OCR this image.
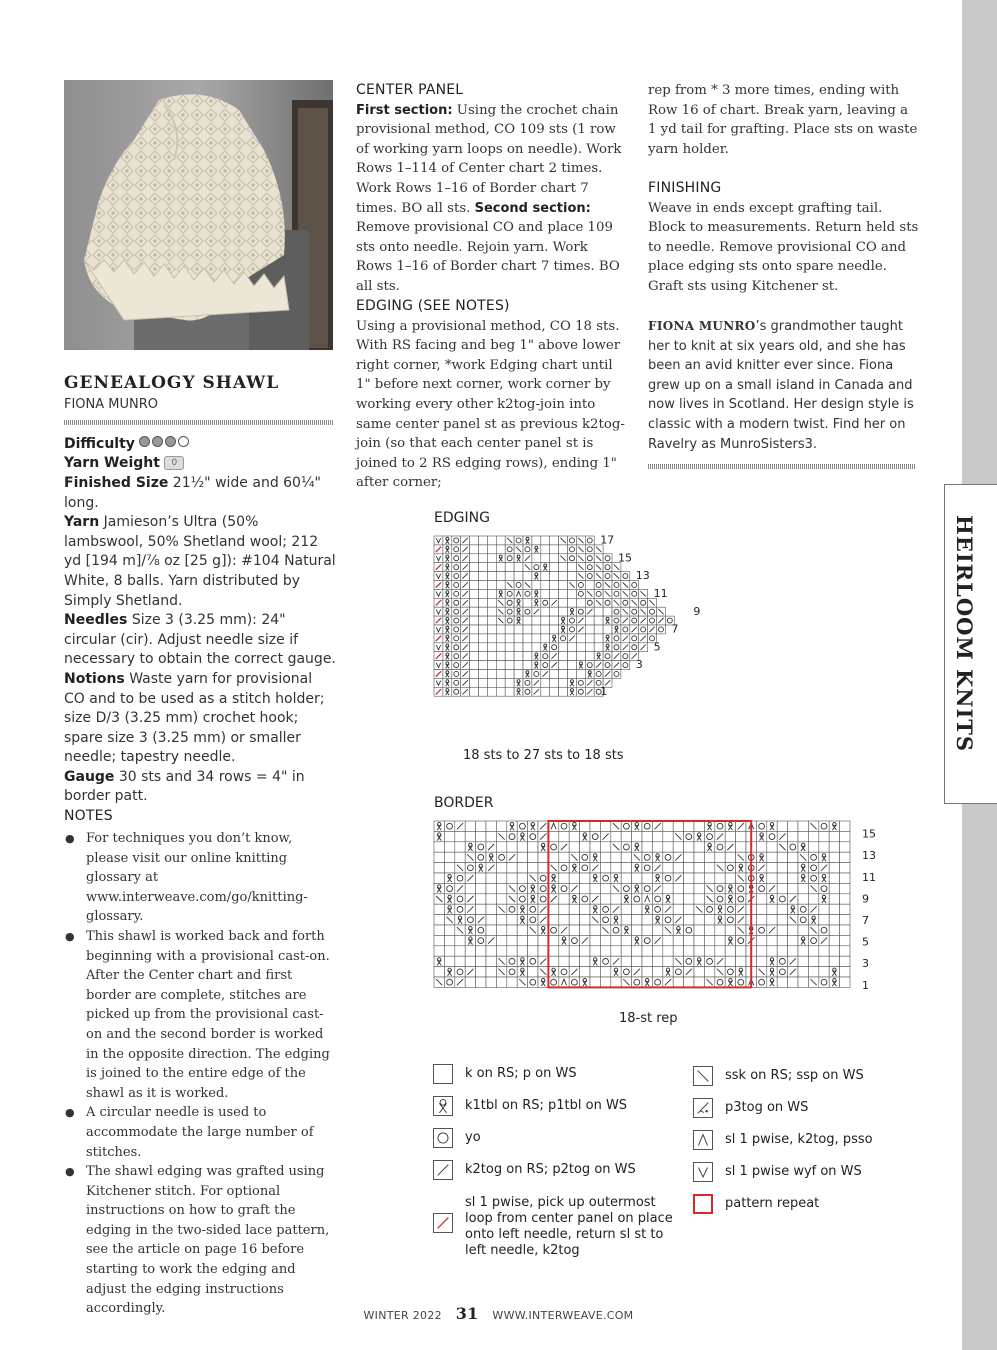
HEIRLOOM KNITS
GENEALOGY SHAWL
FIONA MUNRO
Difficulty
Yarn Weight 0
Finished Size 21½" wide and 60¼" long.
Yarn Jamieson’s Ultra (50% lambswool, 50% Shetland wool; 212 yd [194 m]/⅞ oz [25 g]): #104 Natural White, 8 balls. Yarn distributed by Simply Shetland.
Needles Size 3 (3.25 mm): 24" circular (cir). Adjust needle size if necessary to obtain the correct gauge.
Notions Waste yarn for provisional CO and to be used as a stitch holder; size D/3 (3.25 mm) crochet hook; spare size 3 (3.25 mm) or smaller needle; tapestry needle.
Gauge 30 sts and 34 rows = 4" in border patt.
NOTES
● For techniques you don’t know, please visit our online knitting glossary at www.interweave.com/go/knitting-glossary.
● This shawl is worked back and forth beginning with a provisional cast-on. After the Center chart and first border are complete, stitches are picked up from the provisional cast-on and the second border is worked in the opposite direction. The edging is joined to the entire edge of the shawl as it is worked.
● A circular needle is used to accommodate the large number of stitches.
● The shawl edging was grafted using Kitchener stitch. For optional instructions on how to graft the edging in the two-sided lace pattern, see the article on page 16 before starting to work the edging and adjust the edging instructions accordingly.
CENTER PANEL
First section: Using the crochet chain provisional method, CO 109 sts (1 row of working yarn loops on needle). Work Rows 1–114 of Center chart 2 times. Work Rows 1–16 of Border chart 7 times. BO all sts. Second section: Remove provisional CO and place 109 sts onto needle. Rejoin yarn. Work Rows 1–16 of Border chart 7 times. BO all sts.
EDGING (SEE NOTES)
Using a provisional method, CO 18 sts. With RS facing and beg 1" above lower right corner, *work Edging chart until 1" before next corner, work corner by working every other k2tog-join into same center panel st as previous k2tog-join (so that each center panel st is joined to 2 RS edging rows), ending 1" after corner;
rep from * 3 more times, ending with Row 16 of chart. Break yarn, leaving a 1 yd tail for grafting. Place sts on waste yarn holder.
FINISHING
Weave in ends except grafting tail. Block to measurements. Return held sts to needle. Remove provisional CO and place edging sts onto spare needle. Graft sts using Kitchener st.
FIONA MUNRO’s grandmother taught her to knit at six years old, and she has been an avid knitter ever since. Fiona grew up on a small island in Canada and now lives in Scotland. Her design style is classic with a modern twist. Find her on Ravelry as MunroSisters3.
EDGING
17
15
13
11
9
7
5
3
1
18 sts to 27 sts to 18 sts
BORDER
15
13
11
9
7
5
3
1
18-st rep
k on RS; p on WS
k1tbl on RS; p1tbl on WS
yo
k2tog on RS; p2tog on WS
sl 1 pwise, pick up outermost loop from center panel on place onto left needle, return sl st to left needle, k2tog
ssk on RS; ssp on WS
p3tog on WS
sl 1 pwise, k2tog, psso
sl 1 pwise wyf on WS
pattern repeat
WINTER 2022 31 WWW.INTERWEAVE.COM
